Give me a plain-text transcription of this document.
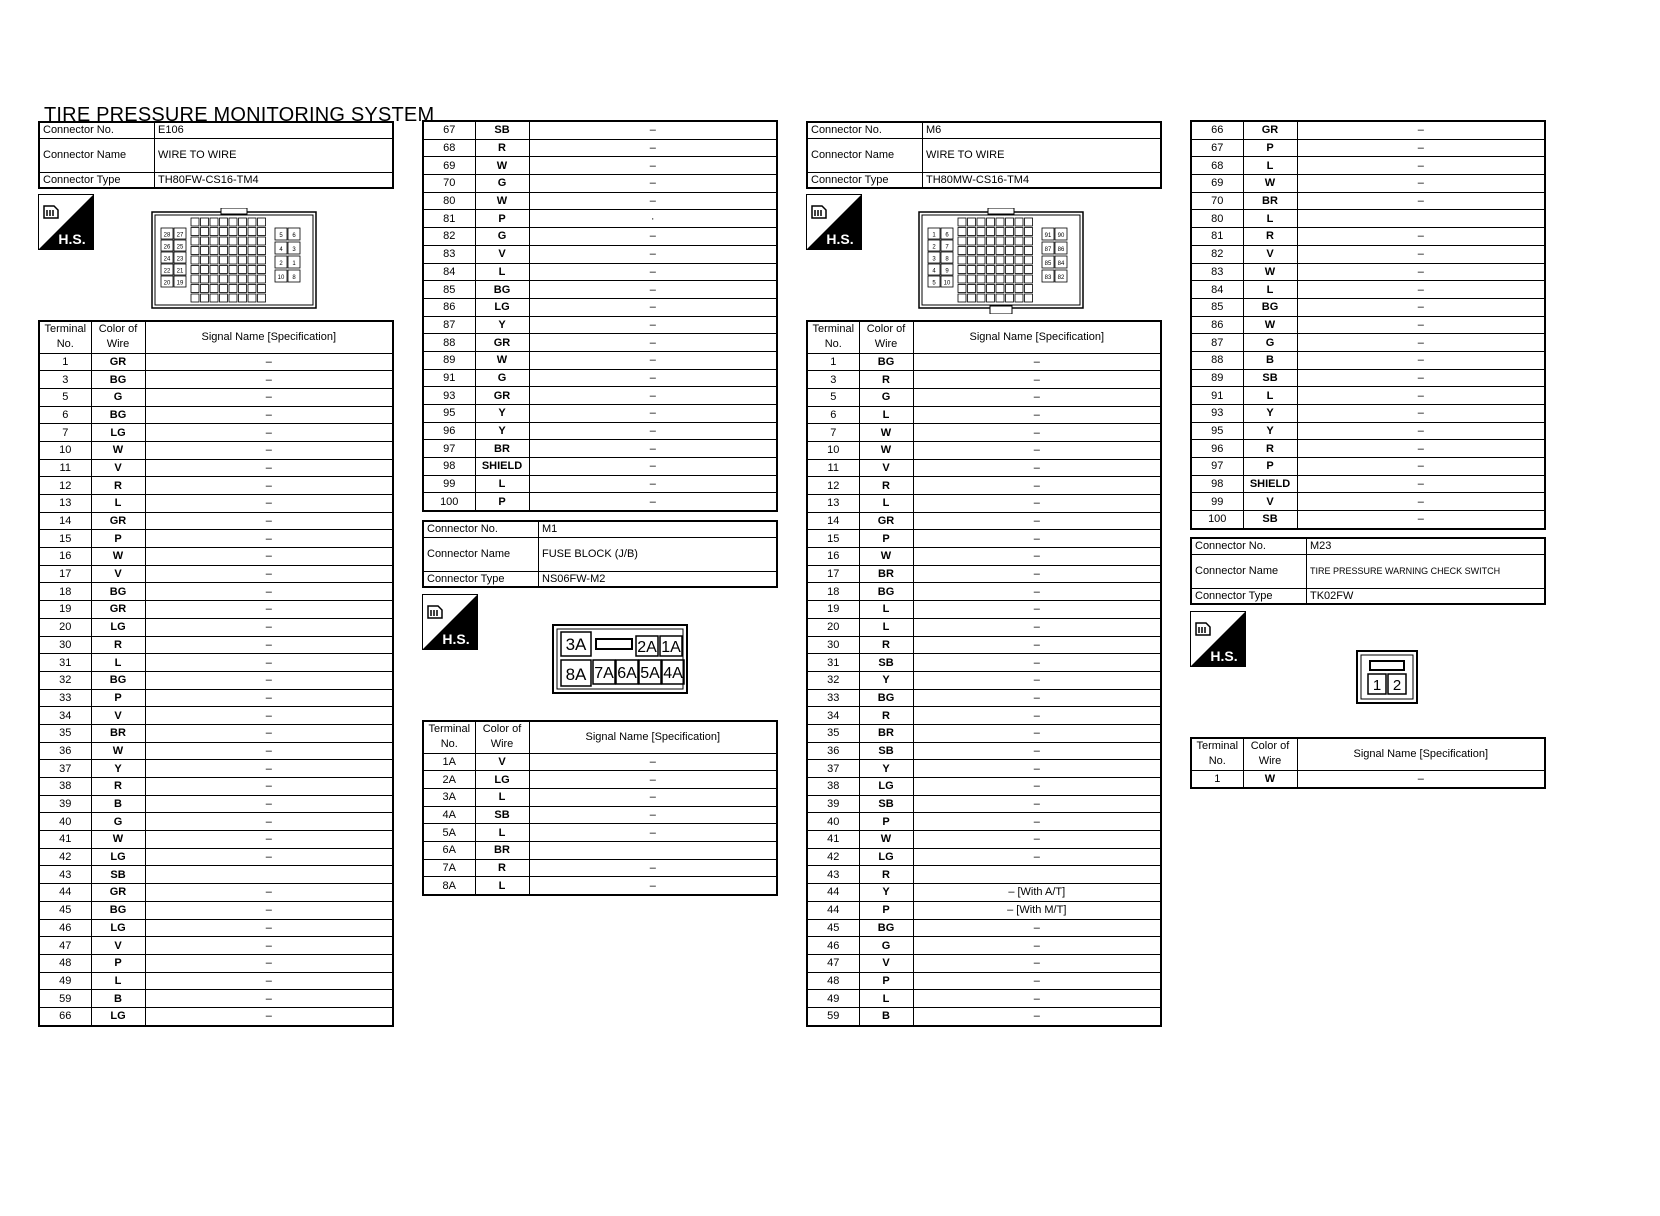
TIRE PRESSURE MONITORING SYSTEM
Connector No.	E106
Connector Name	WIRE TO WIRE
Connector Type	TH80FW-CS16-TM4
H.S.	28 27
26 25
24 23
22 21
20 19
5 6
4 3
2 1
10 8
Terminal No.	Color of Wire	Signal Name [Specification]
1	GR	–
3	BG	–
5	G	–
6	BG	–
7	LG	–
10	W	–
11	V	–
12	R	–
13	L	–
14	GR	–
15	P	–
16	W	–
17	V	–
18	BG	–
19	GR	–
20	LG	–
30	R	–
31	L	–
32	BG	–
33	P	–
34	V	–
35	BR	–
36	W	–
37	Y	–
38	R	–
39	B	–
40	G	–
41	W	–
42	LG	–
43	SB	
44	GR	–
45	BG	–
46	LG	–
47	V	–
48	P	–
49	L	–
59	B	–
66	LG	–
67	SB	–
68	R	–
69	W	–
70	G	–
80	W	–
81	P	·
82	G	–
83	V	–
84	L	–
85	BG	–
86	LG	–
87	Y	–
88	GR	–
89	W	–
91	G	–
93	GR	–
95	Y	–
96	Y	–
97	BR	–
98	SHIELD	–
99	L	–
100	P	–
Connector No.	M1
Connector Name	FUSE BLOCK (J/B)
Connector Type	NS06FW-M2
H.S.	3A	2A 1A
8A 7A 6A 5A 4A
Terminal No.	Color of Wire	Signal Name [Specification]
1A	V	–
2A	LG	–
3A	L	–
4A	SB	–
5A	L	–
6A	BR	
7A	R	–
8A	L	–
Connector No.	M6
Connector Name	WIRE TO WIRE
Connector Type	TH80MW-CS16-TM4
H.S.	91 90
87 86
85 84
83 82
1 6
2 7
3 8
4 9
5 10
Terminal No.	Color of Wire	Signal Name [Specification]
1	BG	–
3	R	–
5	G	–
6	L	–
7	W	–
10	W	–
11	V	–
12	R	–
13	L	–
14	GR	–
15	P	–
16	W	–
17	BR	–
18	BG	–
19	L	–
20	L	–
30	R	–
31	SB	–
32	Y	–
33	BG	–
34	R	–
35	BR	–
36	SB	–
37	Y	–
38	LG	–
39	SB	–
40	P	–
41	W	–
42	LG	–
43	R	
44	Y	– [With A/T]
44	P	– [With M/T]
45	BG	–
46	G	–
47	V	–
48	P	–
49	L	–
59	B	–
66	GR	–
67	P	–
68	L	–
69	W	–
70	BR	–
80	L	
81	R	–
82	V	–
83	W	–
84	L	–
85	BG	–
86	W	–
87	G	–
88	B	–
89	SB	–
91	L	–
93	Y	–
95	Y	–
96	R	–
97	P	–
98	SHIELD	–
99	V	–
100	SB	–
Connector No.	M23
Connector Name	TIRE PRESSURE WARNING CHECK SWITCH
Connector Type	TK02FW
H.S.
1 2
Terminal No.	Color of Wire	Signal Name [Specification]
1	W	–
